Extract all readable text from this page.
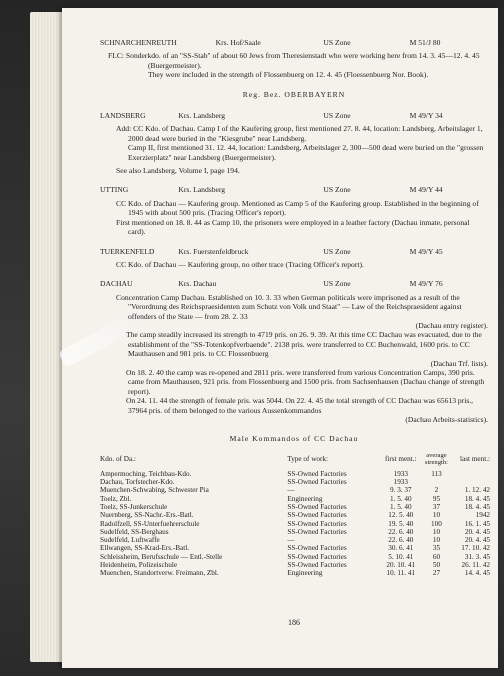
SCHNARCHENREUTH	Krs. Hof/Saale	US Zone	M 51/J 80
FLC: Sonderkdo. of an "SS-Stab" of about 60 Jews from Theresienstadt who were working here from 14. 3. 45—12. 4. 45 (Buergermeister).
They were included in the strength of Flossenbuerg on 12. 4. 45 (Floessenbuerg Nor. Book).
Reg. Bez. OBERBAYERN
LANDSBERG	Krs. Landsberg	US Zone	M 49/Y 34
Add: CC Kdo. of Dachau. Camp I of the Kaufering group, first mentioned 27. 8. 44, location: Landsberg, Arbeitslager 1, 2000 dead were buried in the "Kiesgrube" near Landsberg.
Camp II, first mentioned 31. 12. 44, location: Landsberg, Arbeitslager 2, 300—500 dead were buried on the "grossen Exerzierplatz" near Landsberg (Buergermeister).
See also Landsberg, Volume I, page 194.
UTTING	Krs. Landsberg	US Zone	M 49/Y 44
CC Kdo. of Dachau — Kaufering group. Mentioned as Camp 5 of the Kaufering group. Established in the beginning of 1945 with about 500 pris. (Tracing Officer's report).
First mentioned on 18. 8. 44 as Camp 10, the prisoners were employed in a leather factory (Dachau inmate, personal card).
TUERKENFELD	Krs. Fuerstenfeldbruck	US Zone	M 49/Y 45
CC Kdo. of Dachau — Kaufering group, no other trace (Tracing Officer's report).
DACHAU	Krs. Dachau	US Zone	M 49/Y 76
Concentration Camp Dachau. Established on 10. 3. 33 when German politicals were imprisoned as a result of the "Verordnung des Reichspraesidenten zum Schutz von Volk und Staat" — Law of the Reichspraesident against offenders of the State — from 28. 2. 33
(Dachau entry register).
The camp steadily increased its strength to 4719 pris. on 26. 9. 39. At this time CC Dachau was evacuated, due to the establishment of the "SS-Totenkopfverbaende". 2138 pris. were transferred to CC Buchenwald, 1600 pris. to CC Mauthausen and 981 pris. to CC Flossenbuerg
(Dachau Trf. lists).
On 18. 2. 40 the camp was re-opened and 2811 pris. were transferred from various Concentration Camps, 390 pris. came from Mauthausen, 921 pris. from Flossenbuerg and 1500 pris. from Sachsenhausen (Dachau change of strength report).
On 24. 11. 44 the strength of female pris. was 5044. On 22. 4. 45 the total strength of CC Dachau was 65613 pris., 37964 pris. of them belonged to the various Aussenkommandos
(Dachau Arbeits-statistics).
Male Kommandos of CC Dachau
Kdo. of Da.:	Type of work:	first ment.:	average strength:	last ment.:
Ampermoching, Teichbau-Kdo.	SS-Owned Factories	1933	113	
Dachau, Torfstecher-Kdo.	SS-Owned Factories	1933		
Muenchen-Schwabing, Schwester Pia	—	9. 3. 37	2	1. 12. 42
Toelz, Zbl.	Engineering	1. 5. 40	95	18. 4. 45
Toelz, SS-Junkerschule	SS-Owned Factories	1. 5. 40	37	18. 4. 45
Nuernberg, SS-Nachr.-Ers.-Batl.	SS-Owned Factories	12. 5. 40	10	1942
Radolfzell, SS-Unterfuehrerschule	SS-Owned Factories	19. 5. 40	100	16. 1. 45
Sudelfeld, SS-Berghaus	SS-Owned Factories	22. 6. 40	10	20. 4. 45
Sudelfeld, Luftwaffe	—	22. 6. 40	10	20. 4. 45
Ellwangen, SS-Krad-Ers.-Batl.	SS-Owned Factories	30. 6. 41	35	17. 10. 42
Schleissheim, Berufsschule — Entl.-Stelle	SS-Owned Factories	5. 10. 41	60	31. 3. 45
Heidenheim, Polizeischule	SS-Owned Factories	20. 10. 41	50	26. 11. 42
Muenchen, Standortverw. Freimann, Zbl.	Engineering	10. 11. 41	27	14. 4. 45
186
